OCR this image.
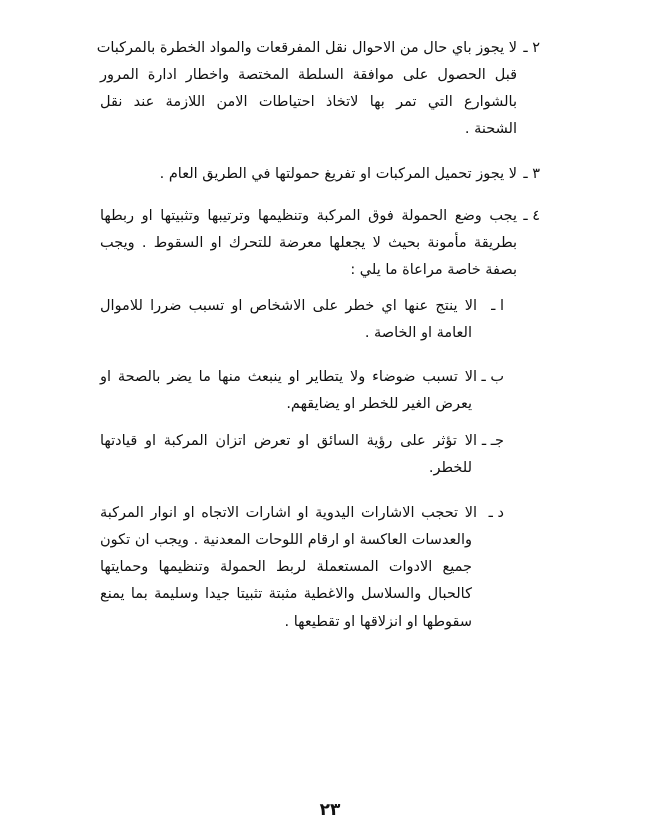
٢ ـ
لا يجوز باي حال من الاحوال نقل المفرقعات والمواد الخطرة بالمركبات
قبل الحصول على موافقة السلطة المختصة واخطار ادارة المرور
بالشوارع التي تمر بها لاتخاذ احتياطات الامن اللازمة عند نقل
الشحنة .
٣ ـ
لا يجوز تحميل المركبات او تفريغ حمولتها في الطريق العام .
٤ ـ
يجب وضع الحمولة فوق المركبة وتنظيمها وترتيبها وتثبيتها او ربطها
بطريقة مأمونة بحيث لا يجعلها معرضة للتحرك او السقوط . ويجب
بصفة خاصة مراعاة ما يلي :
ا ـ
الا ينتج عنها اي خطر على الاشخاص او تسبب ضررا للاموال
العامة او الخاصة .
ب ـ
الا تسبب ضوضاء ولا يتطاير او ينبعث منها ما يضر بالصحة او
يعرض الغير للخطر او يضايقهم.
جـ ـ
الا تؤثر على رؤية السائق او تعرض اتزان المركبة او قيادتها
للخطر.
د ـ
الا تحجب الاشارات اليدوية او اشارات الاتجاه او انوار المركبة
والعدسات العاكسة او ارقام اللوحات المعدنية . ويجب ان تكون
جميع الادوات المستعملة لربط الحمولة وتنظيمها وحمايتها
كالحبال والسلاسل والاغطية مثبتة تثبيتا جيدا وسليمة بما يمنع
سقوطها او انزلاقها او تقطيعها .
٢٣
